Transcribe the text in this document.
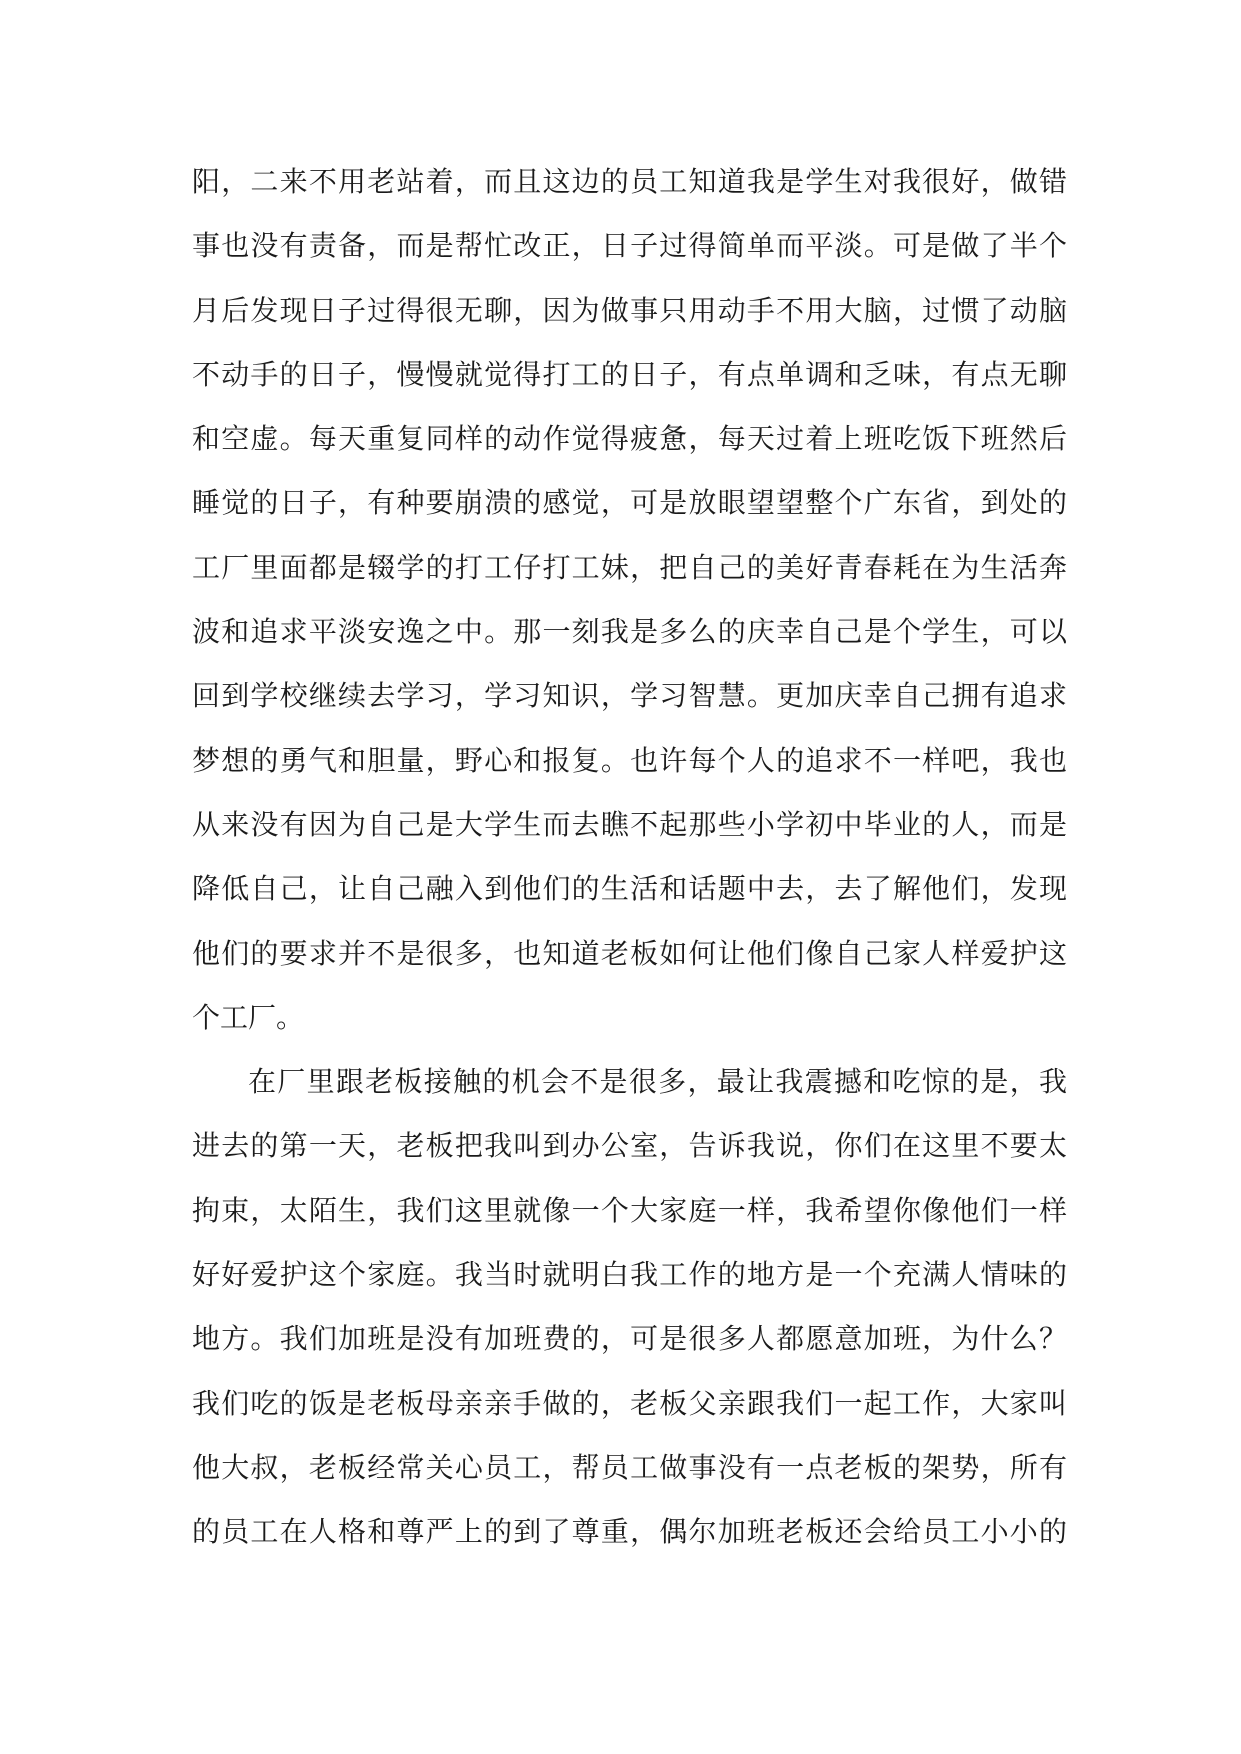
阳，二来不用老站着，而且这边的员工知道我是学生对我很好，做错
事也没有责备，而是帮忙改正，日子过得简单而平淡。可是做了半个
月后发现日子过得很无聊，因为做事只用动手不用大脑，过惯了动脑
不动手的日子，慢慢就觉得打工的日子，有点单调和乏味，有点无聊
和空虚。每天重复同样的动作觉得疲惫，每天过着上班吃饭下班然后
睡觉的日子，有种要崩溃的感觉，可是放眼望望整个广东省，到处的
工厂里面都是辍学的打工仔打工妹，把自己的美好青春耗在为生活奔
波和追求平淡安逸之中。那一刻我是多么的庆幸自己是个学生，可以
回到学校继续去学习，学习知识，学习智慧。更加庆幸自己拥有追求
梦想的勇气和胆量，野心和报复。也许每个人的追求不一样吧，我也
从来没有因为自己是大学生而去瞧不起那些小学初中毕业的人，而是
降低自己，让自己融入到他们的生活和话题中去，去了解他们，发现
他们的要求并不是很多，也知道老板如何让他们像自己家人样爱护这
个工厂。
在厂里跟老板接触的机会不是很多，最让我震撼和吃惊的是，我
进去的第一天，老板把我叫到办公室，告诉我说，你们在这里不要太
拘束，太陌生，我们这里就像一个大家庭一样，我希望你像他们一样
好好爱护这个家庭。我当时就明白我工作的地方是一个充满人情味的
地方。我们加班是没有加班费的，可是很多人都愿意加班，为什么？
我们吃的饭是老板母亲亲手做的，老板父亲跟我们一起工作，大家叫
他大叔，老板经常关心员工，帮员工做事没有一点老板的架势，所有
的员工在人格和尊严上的到了尊重，偶尔加班老板还会给员工小小的
